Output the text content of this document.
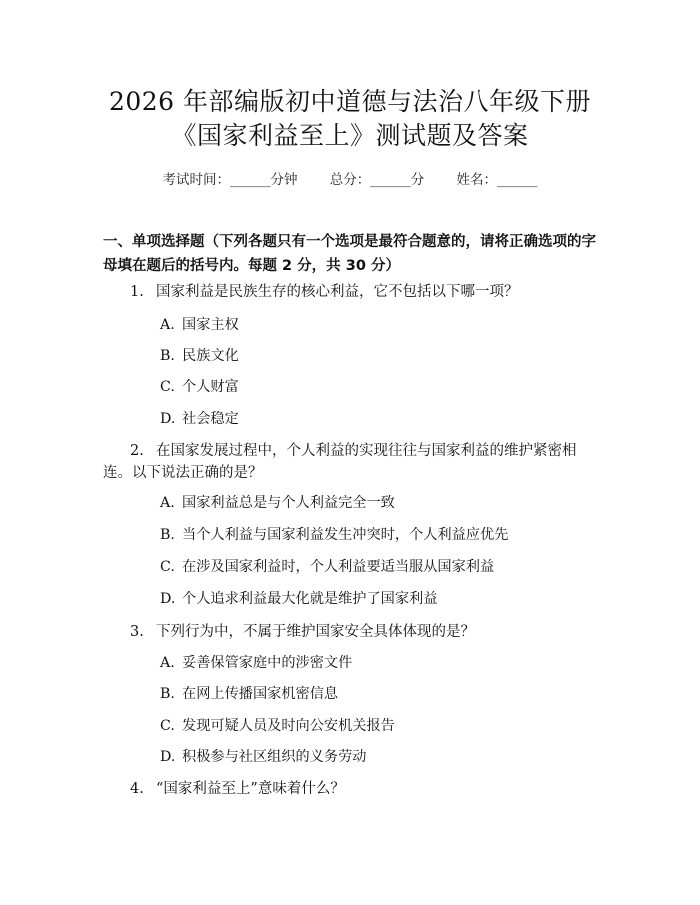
2026 年部编版初中道德与法治八年级下册
《国家利益至上》测试题及答案
考试时间：______分钟 总分：______分 姓名：______
一、单项选择题（下列各题只有一个选项是最符合题意的，请将正确选项的字母填在题后的括号内。每题 2 分，共 30 分）
1. 国家利益是民族生存的核心利益，它不包括以下哪一项？
A. 国家主权
B. 民族文化
C. 个人财富
D. 社会稳定
2. 在国家发展过程中，个人利益的实现往往与国家利益的维护紧密相连。以下说法正确的是？
A. 国家利益总是与个人利益完全一致
B. 当个人利益与国家利益发生冲突时，个人利益应优先
C. 在涉及国家利益时，个人利益要适当服从国家利益
D. 个人追求利益最大化就是维护了国家利益
3. 下列行为中，不属于维护国家安全具体体现的是？
A. 妥善保管家庭中的涉密文件
B. 在网上传播国家机密信息
C. 发现可疑人员及时向公安机关报告
D. 积极参与社区组织的义务劳动
4. “国家利益至上”意味着什么？
